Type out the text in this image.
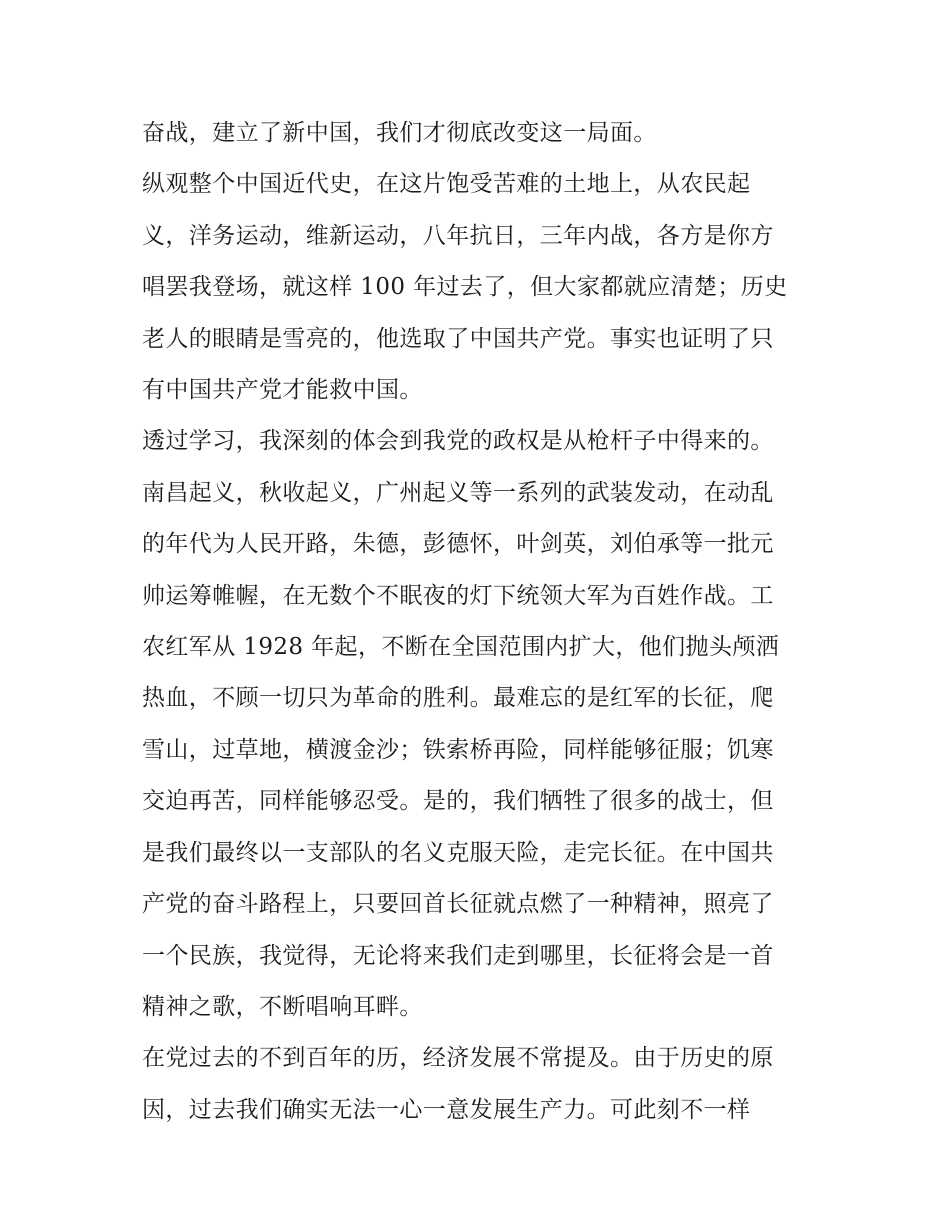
奋战，建立了新中国，我们才彻底改变这一局面。

纵观整个中国近代史，在这片饱受苦难的土地上，从农民起
义，洋务运动，维新运动，八年抗日，三年内战，各方是你方
唱罢我登场，就这样 100 年过去了，但大家都就应清楚；历史
老人的眼睛是雪亮的，他选取了中国共产党。事实也证明了只
有中国共产党才能救中国。

透过学习，我深刻的体会到我党的政权是从枪杆子中得来的。
南昌起义，秋收起义，广州起义等一系列的武装发动，在动乱
的年代为人民开路，朱德，彭德怀，叶剑英，刘伯承等一批元
帅运筹帷幄，在无数个不眠夜的灯下统领大军为百姓作战。工
农红军从 1928 年起，不断在全国范围内扩大，他们抛头颅洒
热血，不顾一切只为革命的胜利。最难忘的是红军的长征，爬
雪山，过草地，横渡金沙；铁索桥再险，同样能够征服；饥寒
交迫再苦，同样能够忍受。是的，我们牺牲了很多的战士，但
是我们最终以一支部队的名义克服天险，走完长征。在中国共
产党的奋斗路程上，只要回首长征就点燃了一种精神，照亮了
一个民族，我觉得，无论将来我们走到哪里，长征将会是一首
精神之歌，不断唱响耳畔。

在党过去的不到百年的历，经济发展不常提及。由于历史的原
因，过去我们确实无法一心一意发展生产力。可此刻不一样
